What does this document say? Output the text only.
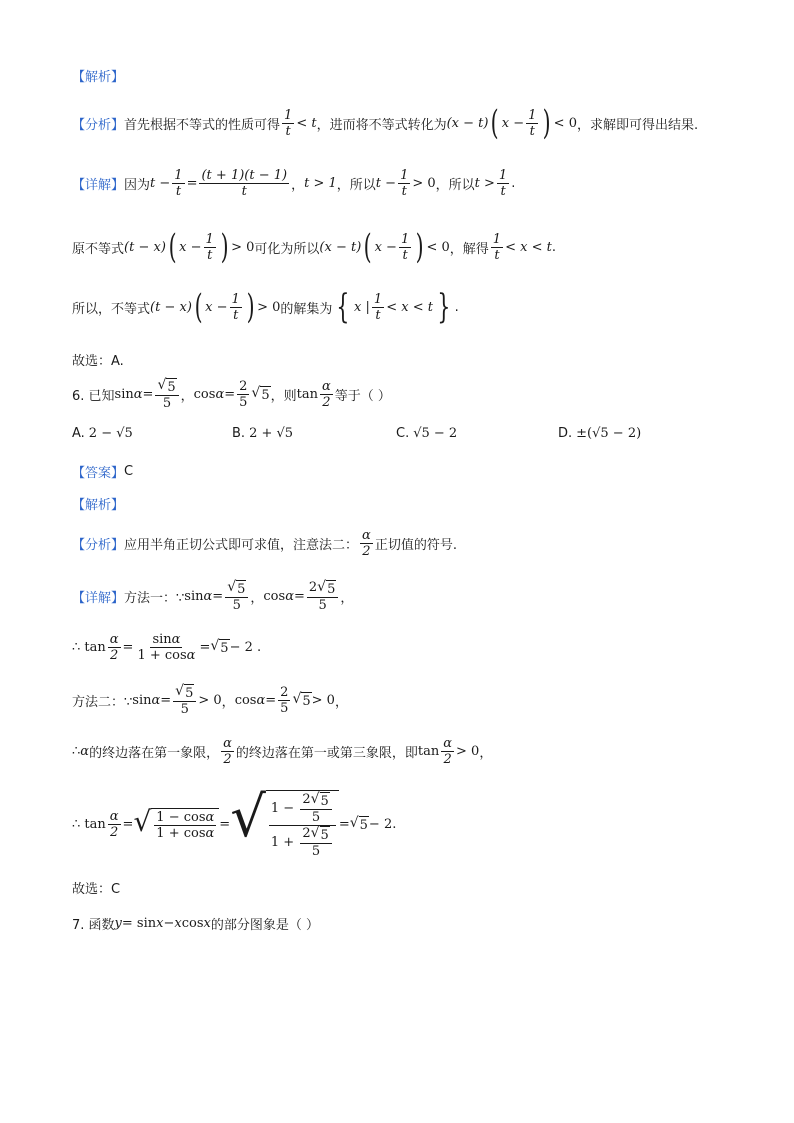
【解析】
【分析】 首先根据不等式的性质可得 $\frac{1}{t} < t$ ，进而将不等式转化为 (x − t) ( $x - \frac{1}{t}$ ) < 0 ，求解即可得出结果.
【详解】 因为 $t - \frac{1}{t} = \frac{(t + 1)(t - 1)}{t}$ ， t > 1 ，所以 $t - \frac{1}{t} > 0$ ，所以 $t > \frac{1}{t}$ .
原不等式 (t − x) ( $x - \frac{1}{t}$ ) > 0 可化为所以 (x − t) ( $x - \frac{1}{t}$ ) < 0 ，解得 $\frac{1}{t} < x < t$ .
所以，不等式 (t − x) ( $x - \frac{1}{t}$ ) > 0 的解集为 { x | $\frac{1}{t} < x < t$ } .
故选：A.
6. 已知 $\sin \alpha = \frac{√ 5}{5}$ ， $\cos \alpha = \frac{2}{5}$ √ 5 ，则 $\tan \frac{\alpha}{2}$ 等于（ ）
A. 2 − √5	B. 2 + √5	C. √5 − 2	D. ±(√5 − 2)
【答案】 C
【解析】
【分析】 应用半角正切公式即可求值，注意法二： $\frac{\alpha}{2}$ 正切值的符号.
【详解】 方法一：∵ $\sin \alpha = \frac{√ 5}{5}$ ， $\cos \alpha = \frac{2 √ 5}{5}$ ，
∴ $\tan \frac{\alpha}{2} = \frac{\sin\alpha}{1 + \cos\alpha}$ = √ 5 − 2 .
方法二：∵ $\sin \alpha = \frac{√ 5}{5} > 0$ ， $\cos \alpha = \frac{2}{5}$ √ 5 > 0 ，
∴ α 的终边落在第一象限， $\frac{\alpha}{2}$ 的终边落在第一或第三象限，即 $\tan \frac{\alpha}{2} > 0$ ，
∴ $\tan \frac{\alpha}{2}$ = √ $\frac{1 - \cos\alpha}{1 + \cos\alpha}$ = √ $\frac{1 - \frac{2 √ 5}{5}}{1 + \frac{2 √ 5}{5}}$ = √ 5 − 2.
故选：C
7. 函数 y = sin x − x cos x 的部分图象是（ ）
